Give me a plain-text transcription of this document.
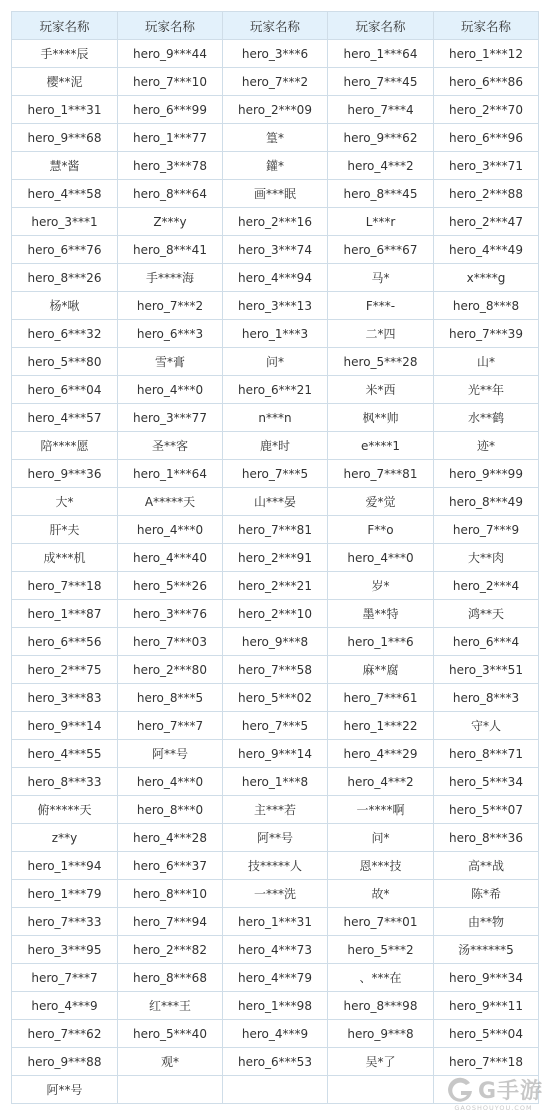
玩家名称	玩家名称	玩家名称	玩家名称	玩家名称
手****辰	hero_9***44	hero_3***6	hero_1***64	hero_1***12
樱**泥	hero_7***10	hero_7***2	hero_7***45	hero_6***86
hero_1***31	hero_6***99	hero_2***09	hero_7***4	hero_2***70
hero_9***68	hero_1***77	篁*	hero_9***62	hero_6***96
慧*酱	hero_3***78	鑵*	hero_4***2	hero_3***71
hero_4***58	hero_8***64	画***眠	hero_8***45	hero_2***88
hero_3***1	Z***y	hero_2***16	L***r	hero_2***47
hero_6***76	hero_8***41	hero_3***74	hero_6***67	hero_4***49
hero_8***26	手****海	hero_4***94	马*	x****g
杨*啾	hero_7***2	hero_3***13	F***-	hero_8***8
hero_6***32	hero_6***3	hero_1***3	二*四	hero_7***39
hero_5***80	雪*膏	问*	hero_5***28	山*
hero_6***04	hero_4***0	hero_6***21	米*西	光**年
hero_4***57	hero_3***77	n***n	枫**帅	水**鹤
陪****愿	圣**客	鹿*时	e****1	迹*
hero_9***36	hero_1***64	hero_7***5	hero_7***81	hero_9***99
大*	A*****天	山***晏	爱*觉	hero_8***49
肝*夫	hero_4***0	hero_7***81	F**o	hero_7***9
成***机	hero_4***40	hero_2***91	hero_4***0	大**肉
hero_7***18	hero_5***26	hero_2***21	岁*	hero_2***4
hero_1***87	hero_3***76	hero_2***10	墨**特	鸿**天
hero_6***56	hero_7***03	hero_9***8	hero_1***6	hero_6***4
hero_2***75	hero_2***80	hero_7***58	麻**腐	hero_3***51
hero_3***83	hero_8***5	hero_5***02	hero_7***61	hero_8***3
hero_9***14	hero_7***7	hero_7***5	hero_1***22	守*人
hero_4***55	阿**号	hero_9***14	hero_4***29	hero_8***71
hero_8***33	hero_4***0	hero_1***8	hero_4***2	hero_5***34
俯*****天	hero_8***0	主***若	一****啊	hero_5***07
z**y	hero_4***28	阿**号	问*	hero_8***36
hero_1***94	hero_6***37	技*****人	恩***技	高**战
hero_1***79	hero_8***10	一***洗	故*	陈*希
hero_7***33	hero_7***94	hero_1***31	hero_7***01	由**物
hero_3***95	hero_2***82	hero_4***73	hero_5***2	汤******5
hero_7***7	hero_8***68	hero_4***79	、***在	hero_9***34
hero_4***9	红***王	hero_1***98	hero_8***98	hero_9***11
hero_7***62	hero_5***40	hero_4***9	hero_9***8	hero_5***04
hero_9***88	观*	hero_6***53	吴*了	hero_7***18
阿**号					G手游
GAOSHOUYOU.COM
